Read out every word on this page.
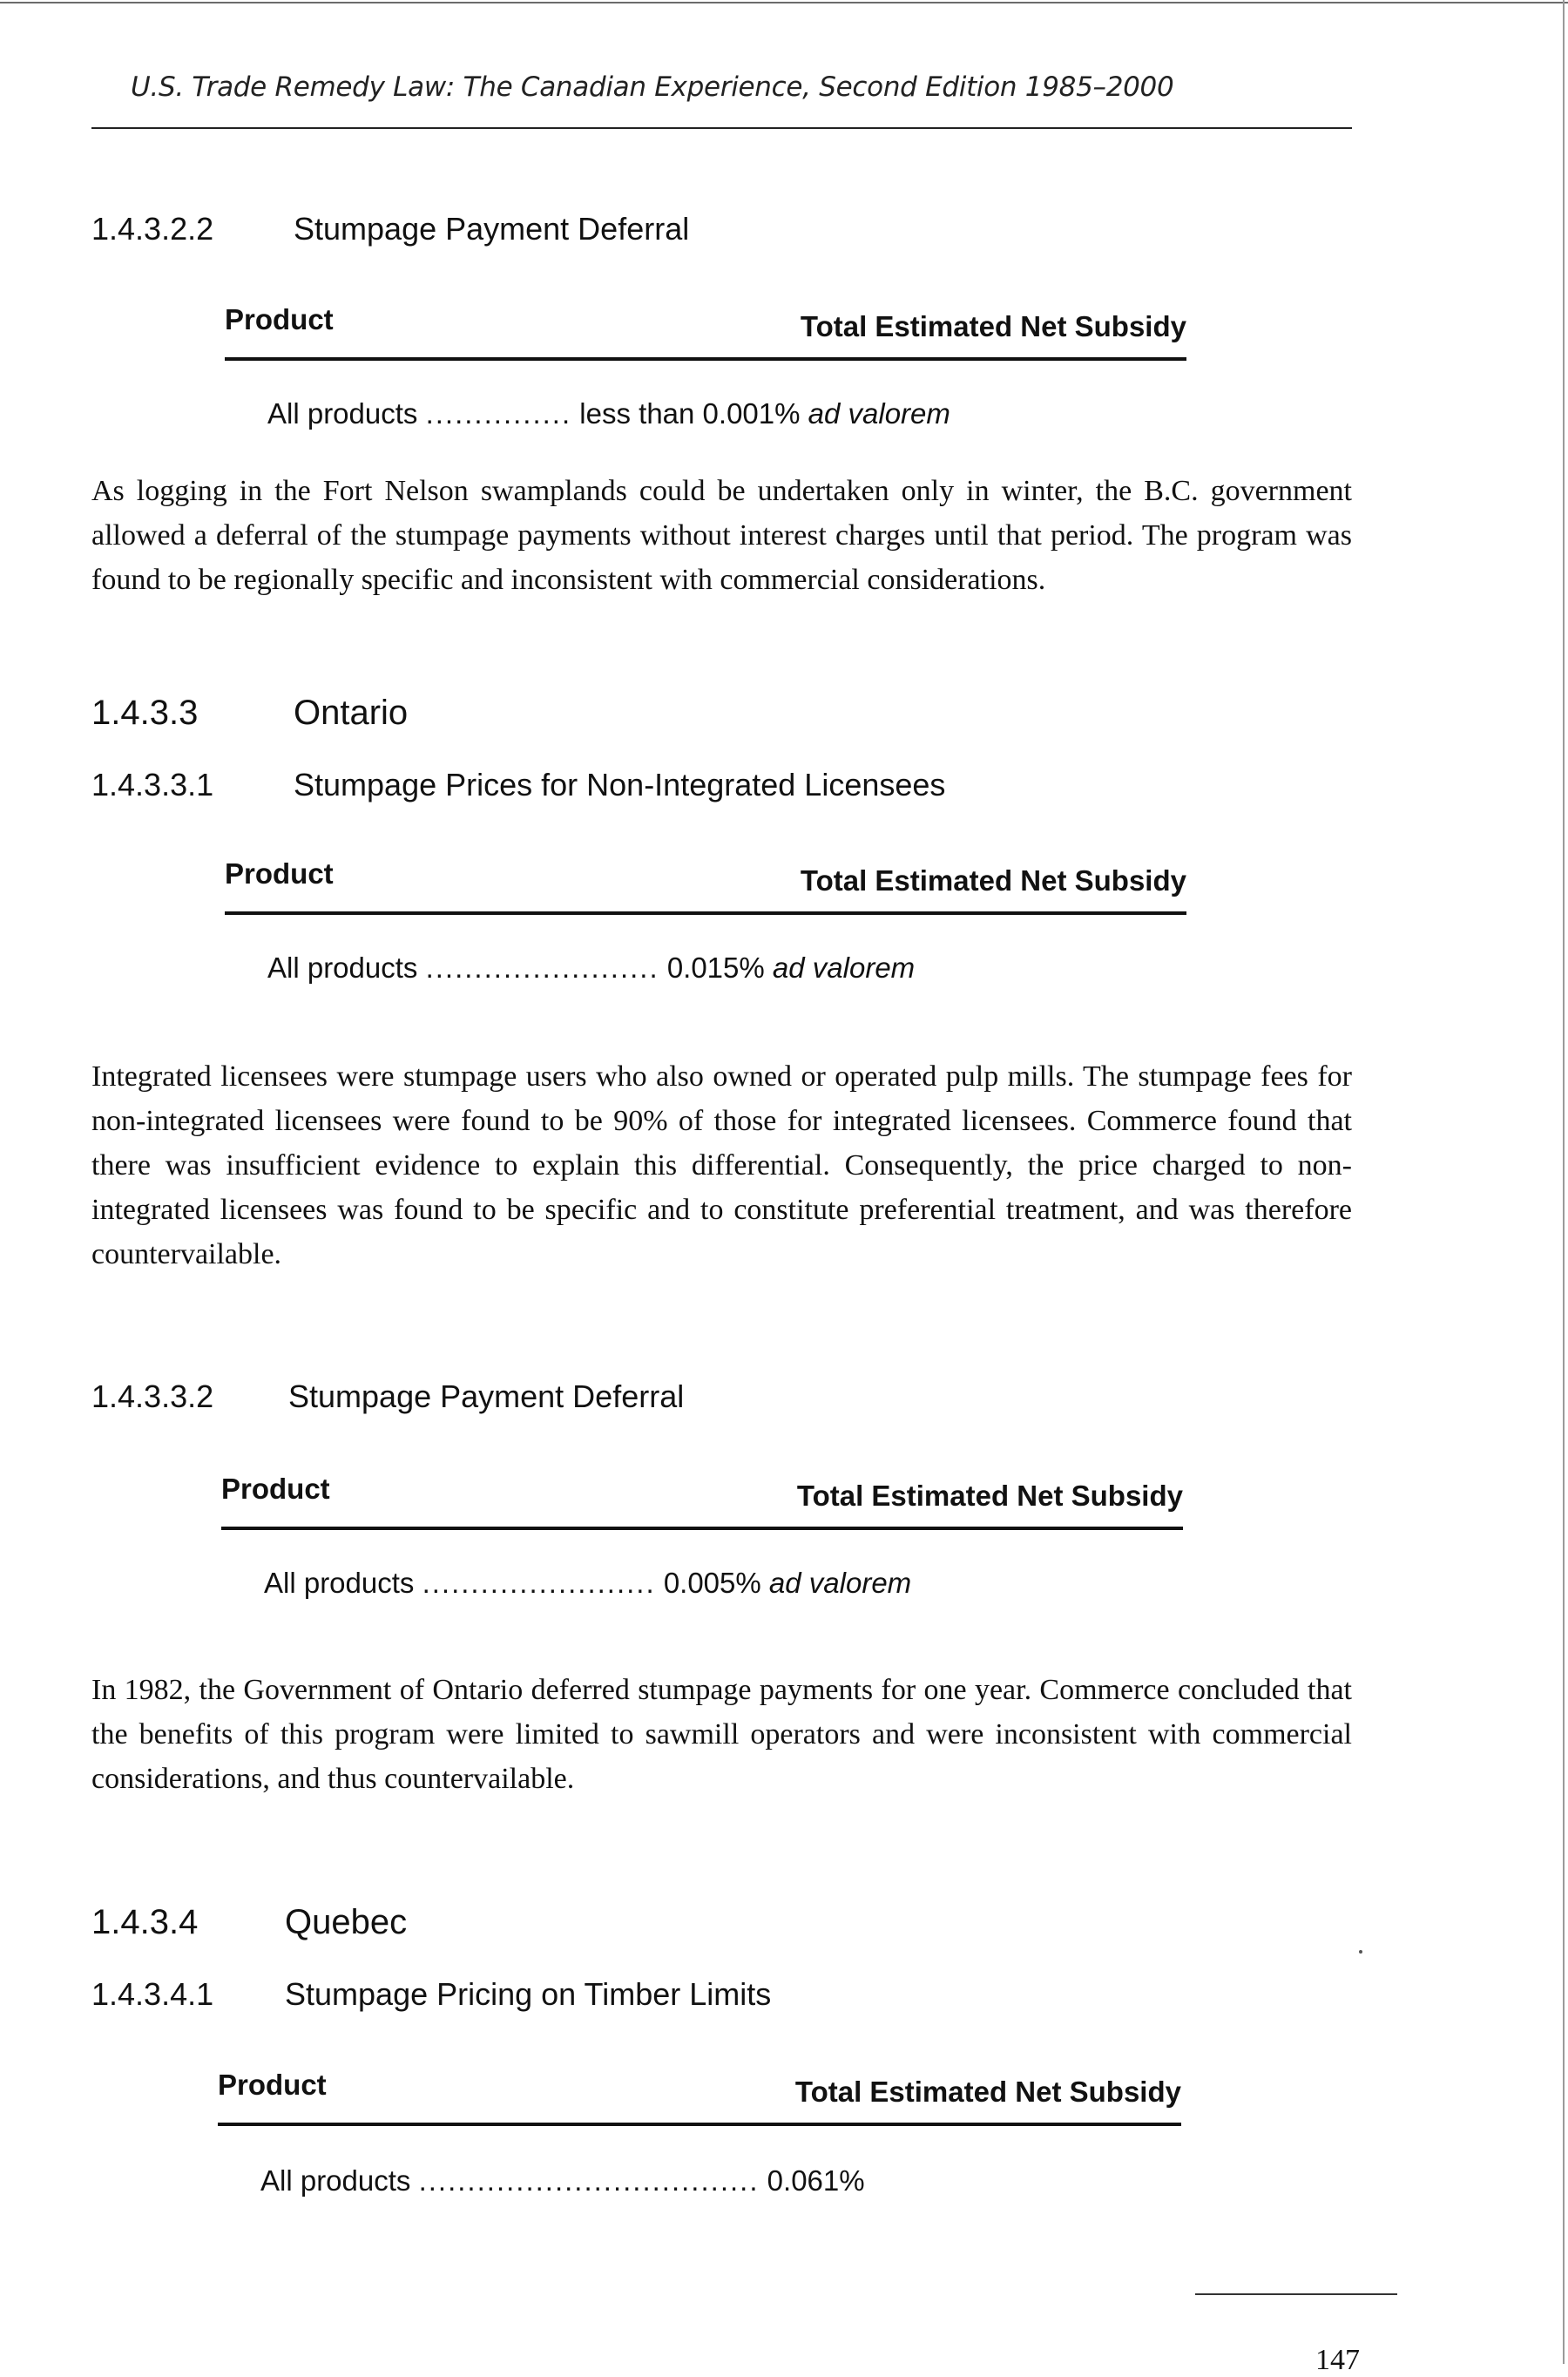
U.S. Trade Remedy Law: The Canadian Experience, Second Edition 1985–2000
1.4.3.2.2	Stumpage Payment Deferral
Product	Total Estimated Net Subsidy
All products ............... less than 0.001% ad valorem

As logging in the Fort Nelson swamplands could be undertaken only in winter, the B.C. government allowed a deferral of the stumpage payments without interest charges until that period. The program was found to be regionally specific and inconsistent with commercial considerations.

1.4.3.3	Ontario
1.4.3.3.1	Stumpage Prices for Non-Integrated Licensees
Product	Total Estimated Net Subsidy
All products ........................ 0.015% ad valorem

Integrated licensees were stumpage users who also owned or operated pulp mills. The stumpage fees for non-integrated licensees were found to be 90% of those for integrated licensees. Commerce found that there was insufficient evidence to explain this differential. Consequently, the price charged to non-integrated licensees was found to be specific and to constitute preferential treatment, and was therefore countervailable.

1.4.3.3.2 Stumpage Payment Deferral
Product	Total Estimated Net Subsidy
All products ........................ 0.005% ad valorem

In 1982, the Government of Ontario deferred stumpage payments for one year. Commerce concluded that the benefits of this program were limited to sawmill operators and were inconsistent with commercial considerations, and thus countervailable.

1.4.3.4 Quebec
1.4.3.4.1 Stumpage Pricing on Timber Limits
Product	Total Estimated Net Subsidy
All products ................................... 0.061%
147
